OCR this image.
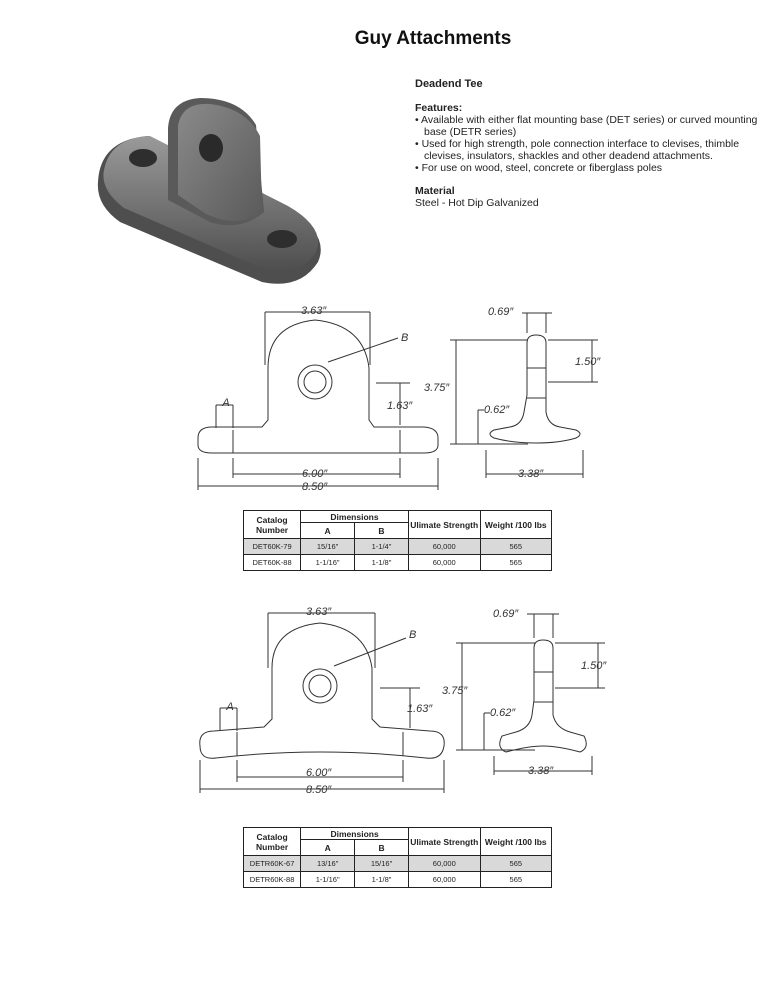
Guy Attachments
3.63″
B
1.63″
A
6.00″
8.50″
0.69″
1.50″
3.75″
0.62″
3.38″
3.63″
B
1.63″
A
6.00″
8.50″
0.69″
1.50″
3.75″
0.62″
3.38″
Deadend Tee
Features:
• Available with either flat mounting base (DET series) or curved mounting base (DETR series)
• Used for high strength, pole connection interface to clevises, thimble clevises, insulators, shackles and other deadend attachments.
• For use on wood, steel, concrete or fiberglass poles
Material
Steel - Hot Dip Galvanized
Catalog Number	Dimensions		Ulimate Strength	Weight /100 lbs
	A	B		
DET60K-79	15/16"	1-1/4"	60,000	565
DET60K-88	1-1/16"	1-1/8"	60,000	565
Catalog Number	Dimensions		Ulimate Strength	Weight /100 lbs
	A	B		
DETR60K-67	13/16"	15/16"	60,000	565
DETR60K-88	1-1/16"	1-1/8"	60,000	565
